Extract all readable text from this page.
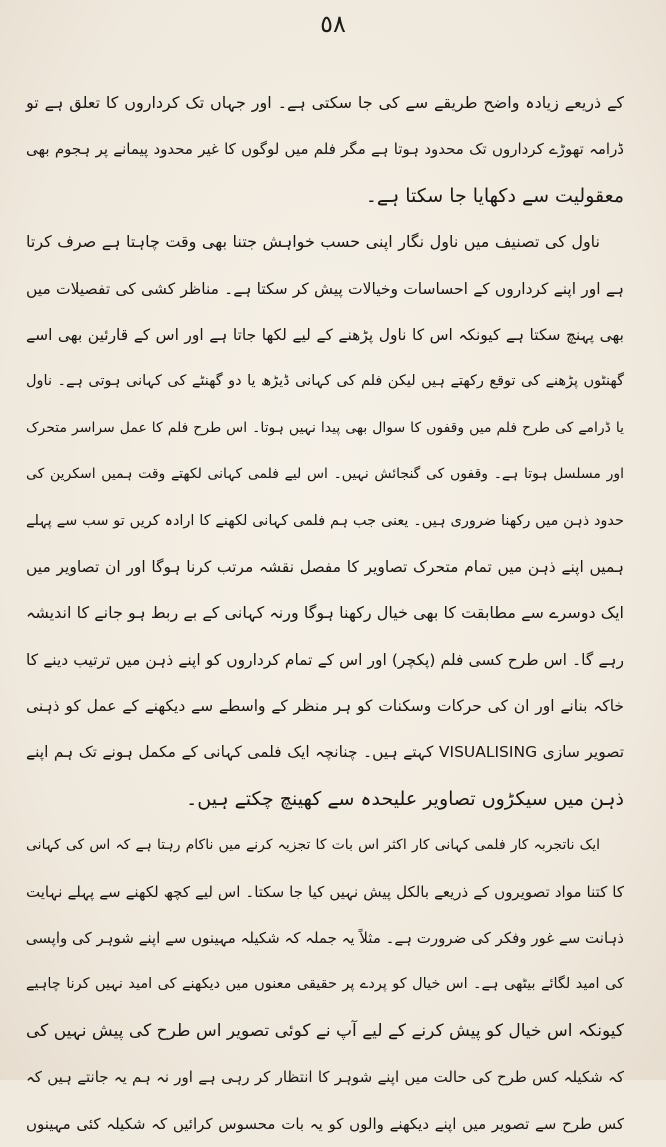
٥٨
کے ذریعے زیادہ واضح طریقے سے کی جا سکتی ہے۔ اور جہاں تک کرداروں کا تعلق ہے تو
ڈرامہ تھوڑے کرداروں تک محدود ہوتا ہے مگر فلم میں لوگوں کا غیر محدود پیمانے پر ہجوم بھی
معقولیت سے دکھایا جا سکتا ہے۔
ناول کی تصنیف میں ناول نگار اپنی حسب خواہش جتنا بھی وقت چاہتا ہے صرف کرتا
ہے اور اپنے کرداروں کے احساسات وخیالات پیش کر سکتا ہے۔ مناظر کشی کی تفصیلات میں
بھی پہنچ سکتا ہے کیونکہ اس کا ناول پڑھنے کے لیے لکھا جاتا ہے اور اس کے قارئین بھی اسے
گھنٹوں پڑھنے کی توقع رکھتے ہیں لیکن فلم کی کہانی ڈیڑھ یا دو گھنٹے کی کہانی ہوتی ہے۔ ناول
یا ڈرامے کی طرح فلم میں وقفوں کا سوال بھی پیدا نہیں ہوتا۔ اس طرح فلم کا عمل سراسر متحرک
اور مسلسل ہوتا ہے۔ وقفوں کی گنجائش نہیں۔ اس لیے فلمی کہانی لکھتے وقت ہمیں اسکرین کی
حدود ذہن میں رکھنا ضروری ہیں۔ یعنی جب ہم فلمی کہانی لکھنے کا ارادہ کریں تو سب سے پہلے
ہمیں اپنے ذہن میں تمام متحرک تصاویر کا مفصل نقشہ مرتب کرنا ہوگا اور ان تصاویر میں
ایک دوسرے سے مطابقت کا بھی خیال رکھنا ہوگا ورنہ کہانی کے بے ربط ہو جانے کا اندیشہ
رہے گا۔ اس طرح کسی فلم (پکچر) اور اس کے تمام کرداروں کو اپنے ذہن میں ترتیب دینے کا
خاکہ بنانے اور ان کی حرکات وسکنات کو ہر منظر کے واسطے سے دیکھنے کے عمل کو ذہنی
تصویر سازی VISUALISING کہتے ہیں۔ چنانچہ ایک فلمی کہانی کے مکمل ہونے تک ہم اپنے
ذہن میں سیکڑوں تصاویر علیحدہ سے کھینچ چکتے ہیں۔
ایک ناتجربہ کار فلمی کہانی کار اکثر اس بات کا تجزیہ کرنے میں ناکام رہتا ہے کہ اس کی کہانی
کا کتنا مواد تصویروں کے ذریعے بالکل پیش نہیں کیا جا سکتا۔ اس لیے کچھ لکھنے سے پہلے نہایت
ذہانت سے غور وفکر کی ضرورت ہے۔ مثلاً یہ جملہ کہ شکیلہ مہینوں سے اپنے شوہر کی واپسی
کی امید لگائے بیٹھی ہے۔ اس خیال کو پردے پر حقیقی معنوں میں دیکھنے کی امید نہیں کرنا چاہیے
کیونکہ اس خیال کو پیش کرنے کے لیے آپ نے کوئی تصویر اس طرح کی پیش نہیں کی
کہ شکیلہ کس طرح کی حالت میں اپنے شوہر کا انتظار کر رہی ہے اور نہ ہم یہ جانتے ہیں کہ
کس طرح سے تصویر میں اپنے دیکھنے والوں کو یہ بات محسوس کرائیں کہ شکیلہ کئی مہینوں
